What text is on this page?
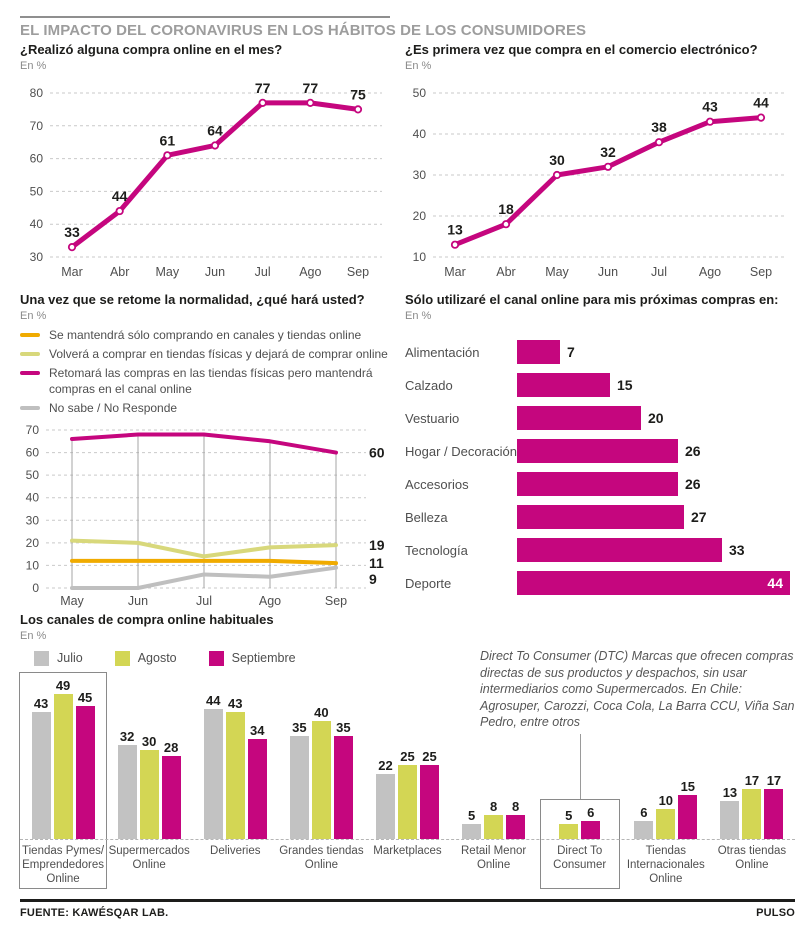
EL IMPACTO DEL CORONAVIRUS EN LOS HÁBITOS DE LOS CONSUMIDORES
¿Realizó alguna compra online en el mes?
En %
30
40
50
60
70
80
33
44
61
64
77 77 75
Mar Abr May Jun Jul Ago Sep
¿Es primera vez que compra en el comercio electrónico?
En %
10
20
30
40
50
13
18
30
32
38
43	44
Mar Abr May Jun	Jul	Ago Sep
Una vez que se retome la normalidad, ¿qué hará usted?
En %
Se mantendrá sólo comprando en canales y tiendas online
Volverá a comprar en tiendas físicas y dejará de comprar online
Retomará las compras en las tiendas físicas pero mantendrá compras en el canal online
No sabe / No Responde
0
10
20
30
40
50
60
70
May	Jun	Jul	Ago	Sep
60
19
11
9
Sólo utilizaré el canal online para mis próximas compras en:
En %
Alimentación	7
Calzado	15
Vestuario	20
Hogar / Decoración	26
Accesorios	26
Belleza	27
Tecnología	33
Deporte	44
Los canales de compra online habituales
En %
Julio	Agosto	Septiembre
43
49
45
Tiendas Pymes/ Emprendedores Online
32 30 28
Supermercados Online
44 43
34
Deliveries
35
40
35
Grandes tiendas Online
22
25 25
Marketplaces
5
8 8
Retail Menor Online
5 6
Direct To Consumer
6
10
15
Tiendas Internacionales Online
13
17 17
Otras tiendas Online
Direct To Consumer (DTC) Marcas que ofrecen compras directas de sus productos y despachos, sin usar intermediarios como Supermercados. En Chile: Agrosuper, Carozzi, Coca Cola, La Barra CCU, Viña San Pedro, entre otros
FUENTE: KAWÉSQAR LAB.	PULSO
